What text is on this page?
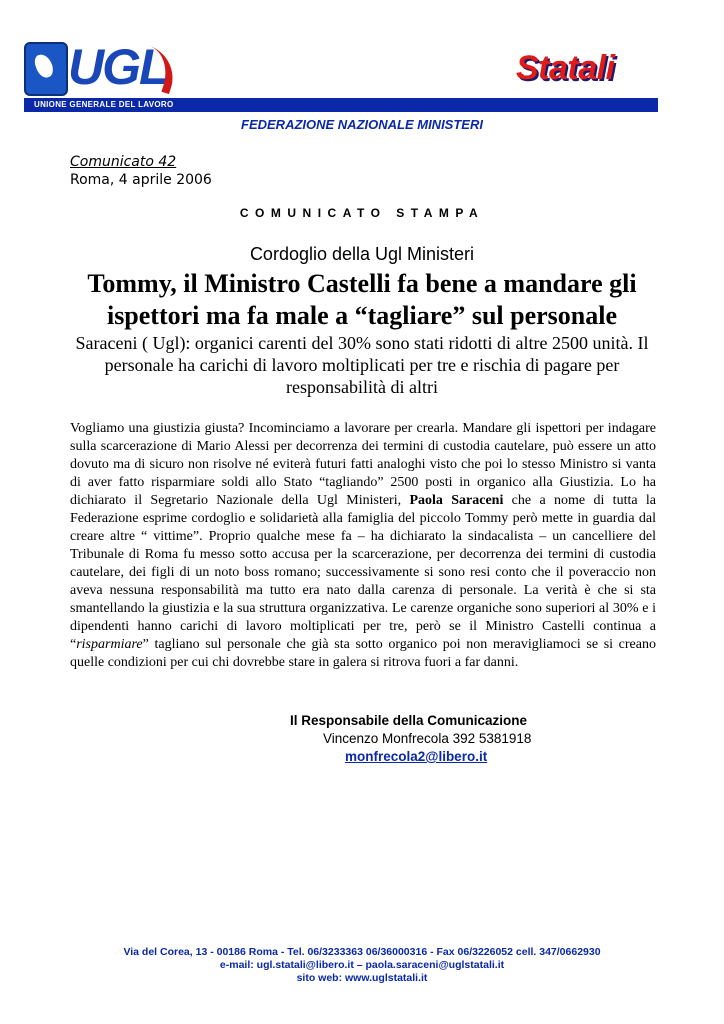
UGL
UNIONE GENERALE DEL LAVORO
Statali
FEDERAZIONE NAZIONALE MINISTERI
Comunicato 42
Roma, 4 aprile 2006
COMUNICATO STAMPA
Cordoglio della Ugl Ministeri
Tommy, il Ministro Castelli fa bene a mandare gli ispettori ma fa male a “tagliare” sul personale
Saraceni ( Ugl): organici carenti del 30% sono stati ridotti di altre 2500 unità. Il personale ha carichi di lavoro moltiplicati per tre e rischia di pagare per responsabilità di altri
Vogliamo una giustizia giusta? Incominciamo a lavorare per crearla. Mandare gli ispettori per indagare sulla scarcerazione di Mario Alessi per decorrenza dei termini di custodia cautelare, può essere un atto dovuto ma di sicuro non risolve né eviterà futuri fatti analoghi visto che poi lo stesso Ministro si vanta di aver fatto risparmiare soldi allo Stato “tagliando” 2500 posti in organico alla Giustizia. Lo ha dichiarato il Segretario Nazionale della Ugl Ministeri, Paola Saraceni che a nome di tutta la Federazione esprime cordoglio e solidarietà alla famiglia del piccolo Tommy però mette in guardia dal creare altre “ vittime”. Proprio qualche mese fa – ha dichiarato la sindacalista – un cancelliere del Tribunale di Roma fu messo sotto accusa per la scarcerazione, per decorrenza dei termini di custodia cautelare, dei figli di un noto boss romano; successivamente si sono resi conto che il poveraccio non aveva nessuna responsabilità ma tutto era nato dalla carenza di personale. La verità è che si sta smantellando la giustizia e la sua struttura organizzativa. Le carenze organiche sono superiori al 30% e i dipendenti hanno carichi di lavoro moltiplicati per tre, però se il Ministro Castelli continua a “risparmiare” tagliano sul personale che già sta sotto organico poi non meravigliamoci se si creano quelle condizioni per cui chi dovrebbe stare in galera si ritrova fuori a far danni.
Il Responsabile della Comunicazione
Vincenzo Monfrecola 392 5381918
monfrecola2@libero.it
Via del Corea, 13 - 00186 Roma - Tel. 06/3233363 06/36000316 - Fax 06/3226052 cell. 347/0662930
e-mail: ugl.statali@libero.it – paola.saraceni@uglstatali.it
sito web: www.uglstatali.it
